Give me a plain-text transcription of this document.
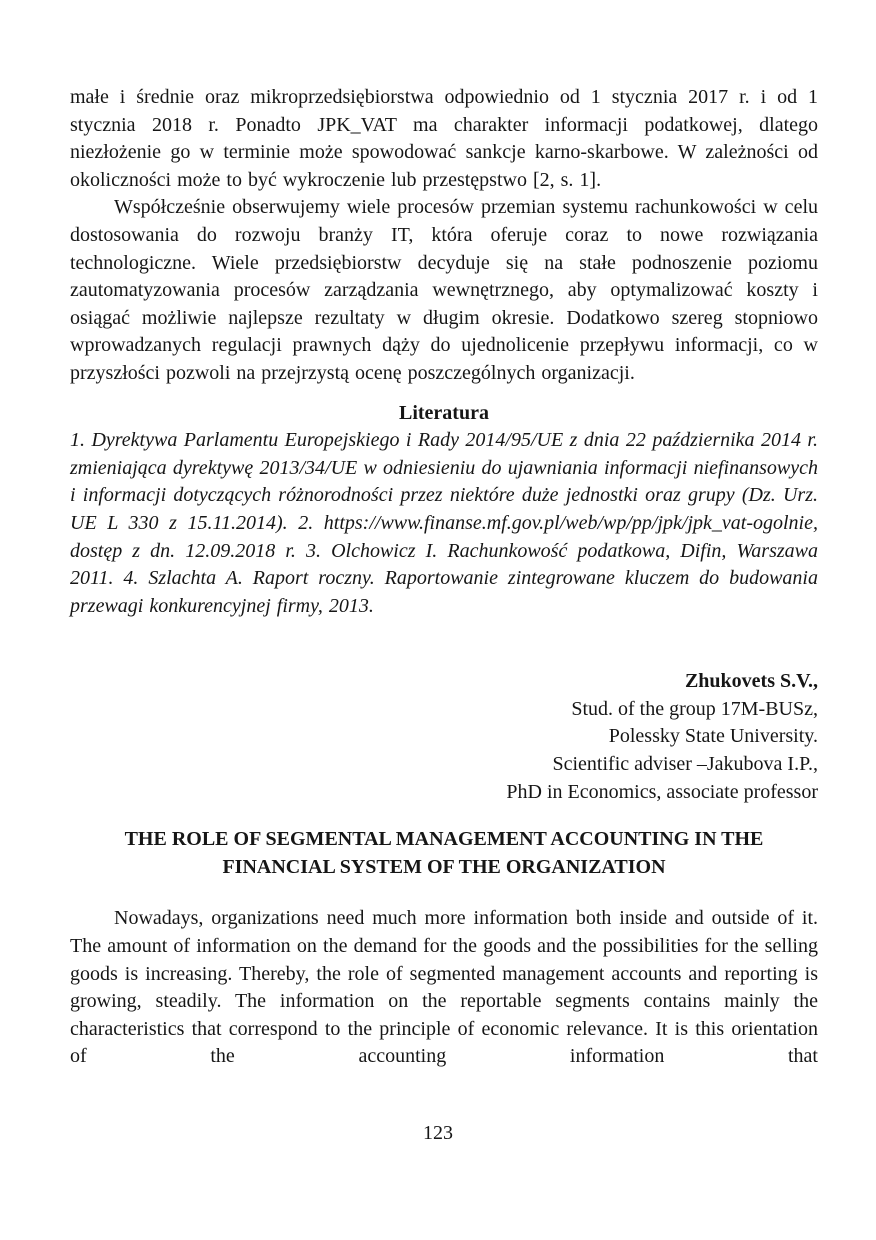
małe i średnie oraz mikroprzedsiębiorstwa odpowiednio od 1 stycznia 2017 r. i od 1 stycznia 2018 r. Ponadto JPK_VAT ma charakter informacji podatkowej, dlatego niezłożenie go w terminie może spowodować sankcje karno-skarbowe. W zależności od okoliczności może to być wykroczenie lub przestępstwo [2, s. 1].

Współcześnie obserwujemy wiele procesów przemian systemu rachunkowości w celu dostosowania do rozwoju branży IT, która oferuje coraz to nowe rozwiązania technologiczne. Wiele przedsiębiorstw decyduje się na stałe podnoszenie poziomu zautomatyzowania procesów zarządzania wewnętrznego, aby optymalizować koszty i osiągać możliwie najlepsze rezultaty w długim okresie. Dodatkowo szereg stopniowo wprowadzanych regulacji prawnych dąży do ujednolicenie przepływu informacji, co w przyszłości pozwoli na przejrzystą ocenę poszczególnych organizacji.

Literatura

1. Dyrektywa Parlamentu Europejskiego i Rady 2014/95/UE z dnia 22 października 2014 r. zmieniająca dyrektywę 2013/34/UE w odniesieniu do ujawniania informacji niefinansowych i informacji dotyczących różnorodności przez niektóre duże jednostki oraz grupy (Dz. Urz. UE L 330 z 15.11.2014). 2. https://www.finanse.mf.gov.pl/web/wp/pp/jpk/jpk_vat-ogolnie, dostęp z dn. 12.09.2018 r. 3. Olchowicz I. Rachunkowość podatkowa, Difin, Warszawa 2011. 4. Szlachta A. Raport roczny. Raportowanie zintegrowane kluczem do budowania przewagi konkurencyjnej firmy, 2013.

Zhukovets S.V.,
Stud. of the group 17M-BUSz,
Polessky State University.
Scientific adviser –Jakubova I.P.,
PhD in Economics, associate professor
THE ROLE OF SEGMENTAL MANAGEMENT ACCOUNTING IN THE FINANCIAL SYSTEM OF THE ORGANIZATION

Nowadays, organizations need much more information both inside and outside of it. The amount of information on the demand for the goods and the possibilities for the selling goods is increasing. Thereby, the role of segmented management accounts and reporting is growing, steadily. The information on the reportable segments contains mainly the characteristics that correspond to the principle of economic relevance. It is this orientation of the accounting information that

123
